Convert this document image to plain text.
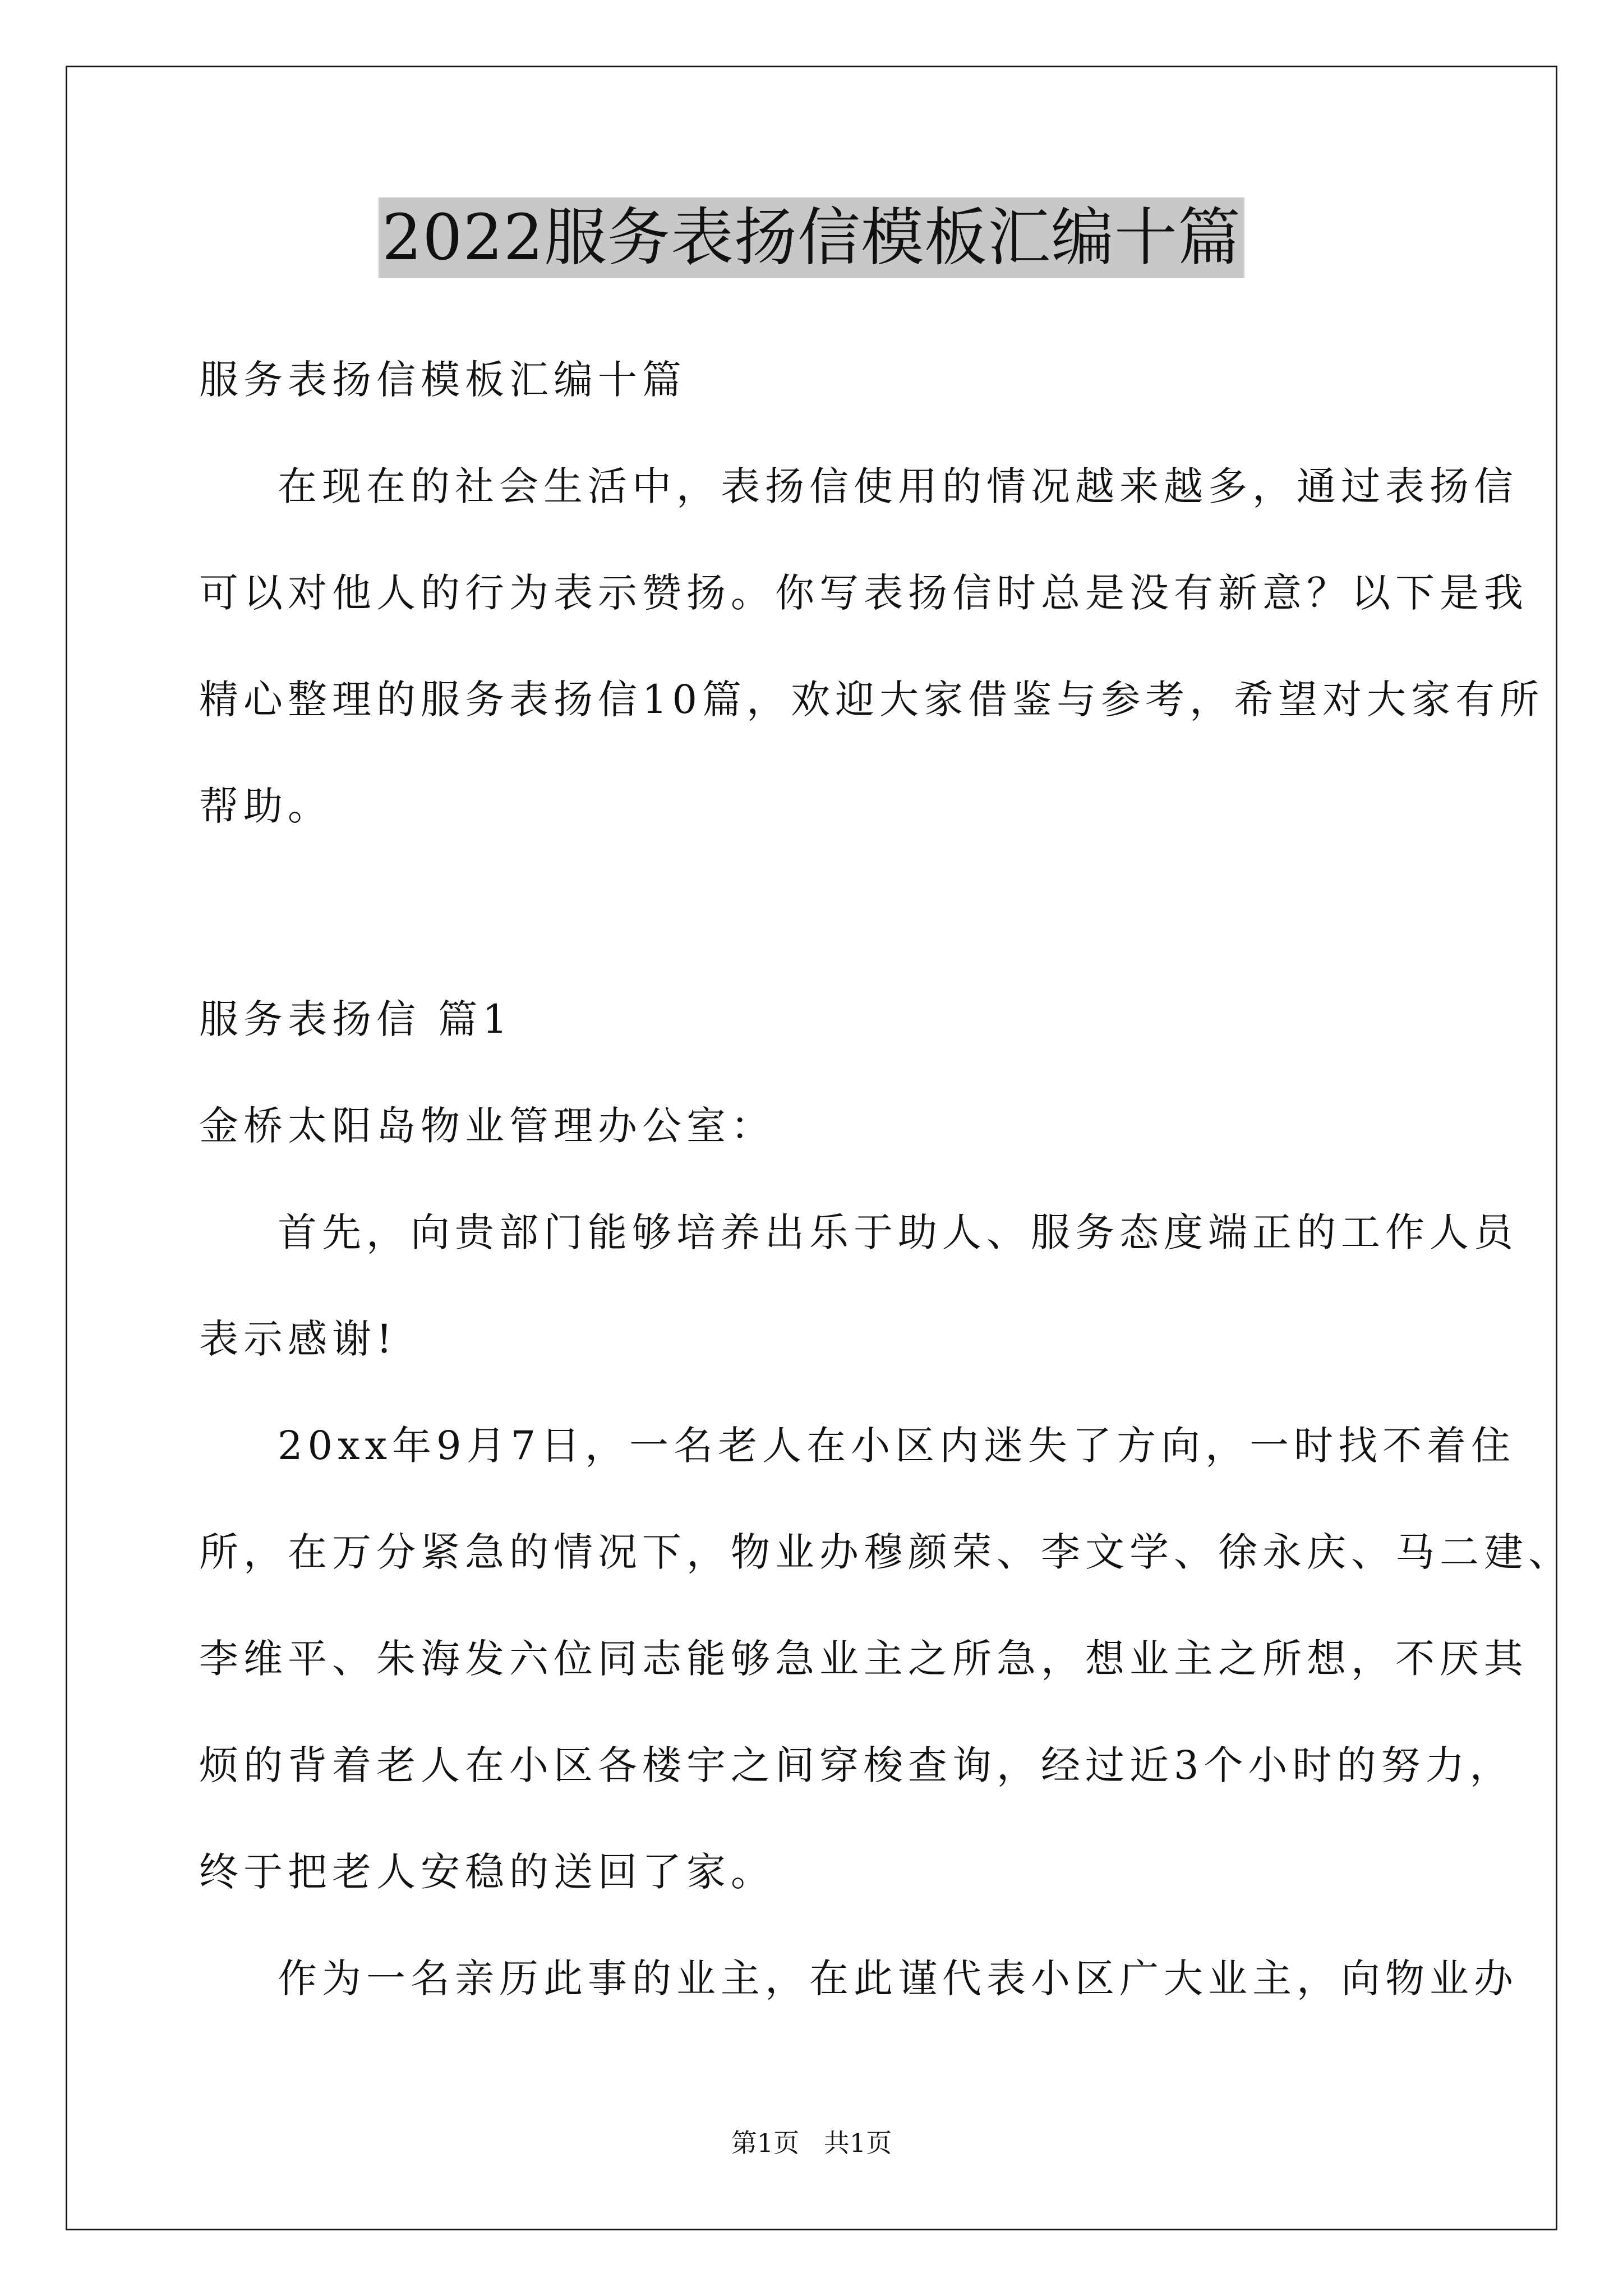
2022服务表扬信模板汇编十篇
服务表扬信模板汇编十篇
在现在的社会生活中，表扬信使用的情况越来越多，通过表扬信
可以对他人的行为表示赞扬。你写表扬信时总是没有新意？以下是我
精心整理的服务表扬信10篇，欢迎大家借鉴与参考，希望对大家有所
帮助。
服务表扬信 篇1
金桥太阳岛物业管理办公室：
首先，向贵部门能够培养出乐于助人、服务态度端正的工作人员
表示感谢!
20xx年9月7日，一名老人在小区内迷失了方向，一时找不着住
所，在万分紧急的情况下，物业办穆颜荣、李文学、徐永庆、马二建、
李维平、朱海发六位同志能够急业主之所急，想业主之所想，不厌其
烦的背着老人在小区各楼宇之间穿梭查询，经过近3个小时的努力，
终于把老人安稳的送回了家。
作为一名亲历此事的业主，在此谨代表小区广大业主，向物业办
第1页   共1页
